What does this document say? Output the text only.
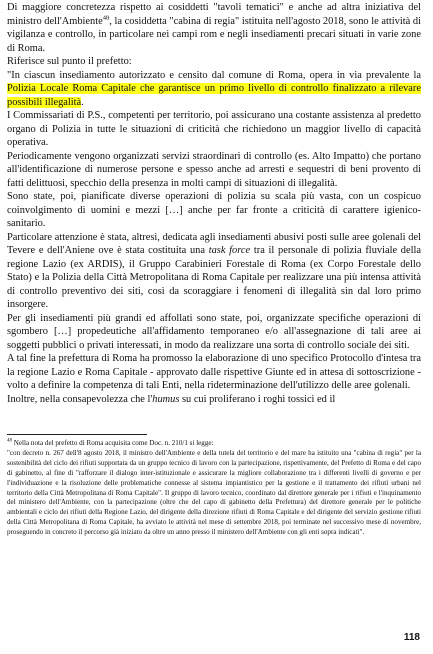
Di maggiore concretezza rispetto ai cosiddetti "tavoli tematici" e anche ad altra iniziativa del ministro dell'Ambiente$^{48}$, la cosiddetta "cabina di regia" istituita nell'agosto 2018, sono le attività di vigilanza e controllo, in particolare nei campi rom e negli insediamenti precari situati in varie zone di Roma.

Riferisce sul punto il prefetto:

"In ciascun insediamento autorizzato e censito dal comune di Roma, opera in via prevalente la Polizia Locale Roma Capitale che garantisce un primo livello di controllo finalizzato a rilevare possibili illegalità.

I Commissariati di P.S., competenti per territorio, poi assicurano una costante assistenza al predetto organo di Polizia in tutte le situazioni di criticità che richiedono un maggior livello di capacità operativa.

Periodicamente vengono organizzati servizi straordinari di controllo (es. Alto Impatto) che portano all'identificazione di numerose persone e spesso anche ad arresti e sequestri di beni provento di fatti delittuosi, specchio della presenza in molti campi di situazioni di illegalità.

Sono state, poi, pianificate diverse operazioni di polizia su scala più vasta, con un cospicuo coinvolgimento di uomini e mezzi […] anche per far fronte a criticità di carattere igienico-sanitario.

Particolare attenzione è stata, altresì, dedicata agli insediamenti abusivi posti sulle aree golenali del Tevere e dell'Aniene ove è stata costituita una task force tra il personale di polizia fluviale della regione Lazio (ex ARDIS), il Gruppo Carabinieri Forestale di Roma (ex Corpo Forestale dello Stato) e la Polizia della Città Metropolitana di Roma Capitale per realizzare una più intensa attività di controllo preventivo dei siti, così da scoraggiare i fenomeni di illegalità sin dal loro primo insorgere.

Per gli insediamenti più grandi ed affollati sono state, poi, organizzate specifiche operazioni di sgombero […] propedeutiche all'affidamento temporaneo e/o all'assegnazione di tali aree ai soggetti pubblici o privati interessati, in modo da realizzare una sorta di controllo sociale dei siti.

A tal fine la prefettura di Roma ha promosso la elaborazione di uno specifico Protocollo d'intesa tra la regione Lazio e Roma Capitale - approvato dalle rispettive Giunte ed in attesa di sottoscrizione - volto a definire la competenza di tali Enti, nella rideterminazione dell'utilizzo delle aree golenali.

Inoltre, nella consapevolezza che l'humus su cui proliferano i roghi tossici ed il

$^{48}$ Nella nota del prefetto di Roma acquisita come Doc. n. 210/1 si legge:

"con decreto n. 267 dell'8 agosto 2018, il ministro dell'Ambiente e della tutela del territorio e del mare ha istituito una "cabina di regia" per la sostenibilità del ciclo dei rifiuti supportata da un gruppo tecnico di lavoro con la partecipazione, rispettivamente, del Prefetto di Roma e del capo di gabinetto, al fine di "rafforzare il dialogo inter-istituzionale e assicurare la migliore collaborazione tra i differenti livelli di governo e per l'individuazione e la risoluzione delle problematiche connesse al sistema impiantistico per la gestione e il trattamento dei rifiuti urbani nel territorio della Città Metropolitana di Roma Capitale". Il gruppo di lavoro tecnico, coordinato dal direttore generale per i rifiuti e l'inquinamento del ministero dell'Ambiente, con la partecipazione (oltre che del capo di gabinetto della Prefettura) del direttore generale per le politiche ambientali e ciclo dei rifiuti della Regione Lazio, del dirigente della direzione rifiuti di Roma Capitale e del dirigente del servizio gestione rifiuti della Città Metropolitana di Roma Capitale, ha avviato le attività nel mese di settembre 2018, poi terminate nel successivo mese di novembre, proseguendo in concreto il percorso già iniziato da oltre un anno presso il ministero dell'Ambiente con gli enti sopra indicati".

118
